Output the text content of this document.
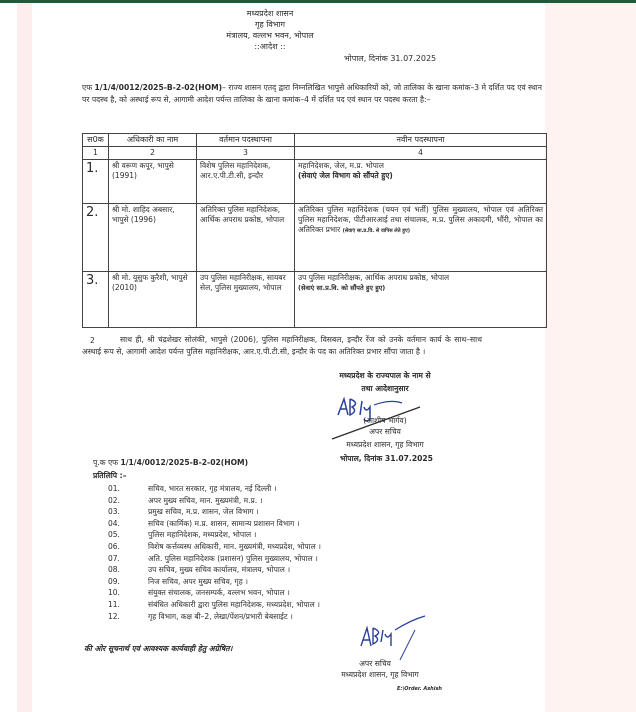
मध्यप्रदेश शासन
गृह विभाग
मंत्रालय, वल्लभ भवन, भोपाल
::आदेश ::
भोपाल, दिनांक 31.07.2025
एफ 1/1/4/0012/2025-B-2-02(HOM)– राज्य शासन एतद् द्वारा निम्नलिखित भापुसे अधिकारियों को, जो तालिका के खाना कमांक–3 मे दर्शित पद एवं स्थान पर पदस्थ है, को अस्थाई रूप से, आगामी आदेश पर्यन्त तालिका के खाना कमांक–4 में दर्शित पद एवं स्थान पर पदस्थ करता है:–
स0क	अधिकारी का नाम	वर्तमान पदस्थापना	नवीन पदस्थापना
1	2	3	4
1.	श्री वरूण कपूर, भापुसे (1991)	विशेष पुलिस महानिदेशक, आर.ए.पी.टी.सी, इन्दौर	महानिदेशक, जेल, म.प्र. भोपाल
(सेवाएं जेल विभाग को सौंपते हुए)

2.	श्री मो. शाहिद अबसार, भापुसे (1996)	अतिरिक्त पुलिस महानिदेशक, आर्थिक अपराध प्रकोष्ठ, भोपाल	अतिरिक्त पुलिस महानिदेशक (चयन एवं भर्ती) पुलिस मुख्यालय, भोपाल एवं अतिरिक्त पुलिस महानिदेशक, पीटीआरआई तथा संचालक, म.प्र. पुलिस अकादमी, भौंरी, भोपाल का अतिरिक्त प्रभार (सेवाएं सा.प्र.वि. से वापिस लेते हुए)
3.	श्री मो. यूसुफ कुरैशी, भापुसे (2010)	उप पुलिस महानिरीक्षक, सायबर सेल, पुलिस मुख्यालय, भोपाल	उप पुलिस महानिरीक्षक, आर्थिक अपराध प्रकोष्ठ, भोपाल
(सेवाएं सा.प्र.वि. को सौंपते हुए हुए)
2	साथ ही, श्री चंद्रशेखर सोलंकी, भापुसे (2006), पुलिस महानिरीक्षक, विसबल, इन्दौर रेंज को उनके वर्तमान कार्य के साथ–साथ अस्थाई रूप से, आगामी आदेश पर्यन्त पुलिस महानिरीक्षक, आर.ए.पी.टी.सी, इन्दौर के पद का अतिरिक्त प्रभार सौंपा जाता है ।
मध्यप्रदेश के राज्यपाल के नाम से
तथा आदेशानुसार
(आशीष भार्गव)
अपर सचिव
मध्यप्रदेश शासन, गृह विभाग
भोपाल, दिनांक 31.07.2025
पृ.क एफ 1/1/4/0012/2025-B-2-02(HOM)
प्रतिलिपि :–
01.	सचिव, भारत सरकार, गृह मंत्रालय, नई दिल्ली ।
02.	अपर मुख्य सचिव, मान. मुख्यमंत्री, म.प्र. ।
03.	प्रमुख सचिव, म.प्र. शासन, जेल विभाग ।
04.	सचिव (कार्मिक) म.प्र. शासन, सामान्य प्रशासन विभाग ।
05.	पुलिस महानिदेशक, मध्यप्रदेश, भोपाल ।
06.	विशेष कर्त्तव्यस्थ अधिकारी, मान. मुख्यमंत्री, मध्यप्रदेश, भोपाल ।
07.	अति. पुलिस महानिदेशक (प्रशासन) पुलिस मुख्यालय, भोपाल ।
08.	उप सचिव, मुख्य सचिव कार्यालय, मंत्रालय, भोपाल ।
09.	निज सचिव, अपर मुख्य सचिव, गृह ।
10.	संयुक्त संचालक, जनसम्पर्क, वल्लभ भवन, भोपाल ।
11.	संबंधित अधिकारी द्वारा पुलिस महानिदेशक, मध्यप्रदेश, भोपाल ।
12.	गृह विभाग, कक्ष बी–2, लेखा/पेंशन/प्रभारी बेबसाईट ।
की ओर सूचनार्थ एवं आवश्यक कार्यवाही हेतु अग्रेषित।
अपर सचिव
मध्यप्रदेश शासन, गृह विभाग
E:\Order. Ashish
